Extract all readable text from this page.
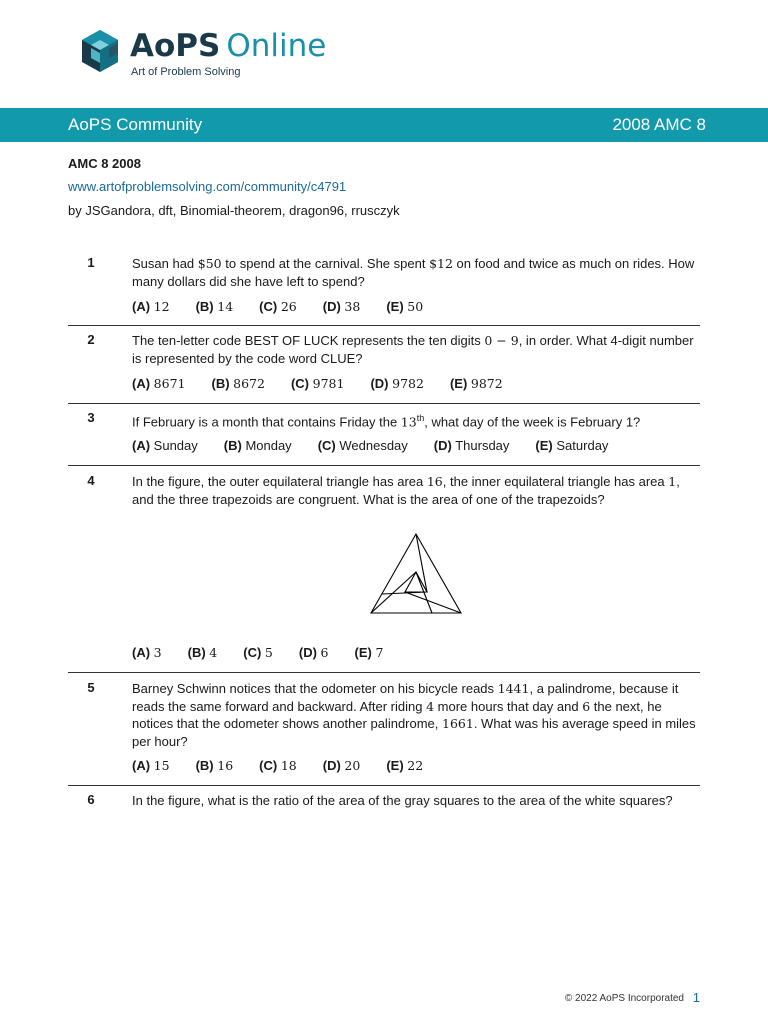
AoPS Online
Art of Problem Solving
AoPS Community	2008 AMC 8
AMC 8 2008
www.artofproblemsolving.com/community/c4791
by JSGandora, dft, Binomial-theorem, dragon96, rrusczyk
1	Susan had $50 to spend at the carnival. She spent $12 on food and twice as much on rides. How many dollars did she have left to spend?
(A) 12 (B) 14 (C) 26 (D) 38 (E) 50
2	The ten-letter code BEST OF LUCK represents the ten digits 0 − 9, in order. What 4-digit number is represented by the code word CLUE?
(A) 8671 (B) 8672 (C) 9781 (D) 9782 (E) 9872
3	If February is a month that contains Friday the 13th, what day of the week is February 1?
(A) Sunday (B) Monday (C) Wednesday (D) Thursday (E) Saturday
4	In the figure, the outer equilateral triangle has area 16, the inner equilateral triangle has area 1, and the three trapezoids are congruent. What is the area of one of the trapezoids?
(A) 3 (B) 4 (C) 5 (D) 6 (E) 7
5	Barney Schwinn notices that the odometer on his bicycle reads 1441, a palindrome, because it reads the same forward and backward. After riding 4 more hours that day and 6 the next, he notices that the odometer shows another palindrome, 1661. What was his average speed in miles per hour?
(A) 15 (B) 16 (C) 18 (D) 20 (E) 22
6	In the figure, what is the ratio of the area of the gray squares to the area of the white squares?
© 2022 AoPS Incorporated 1
